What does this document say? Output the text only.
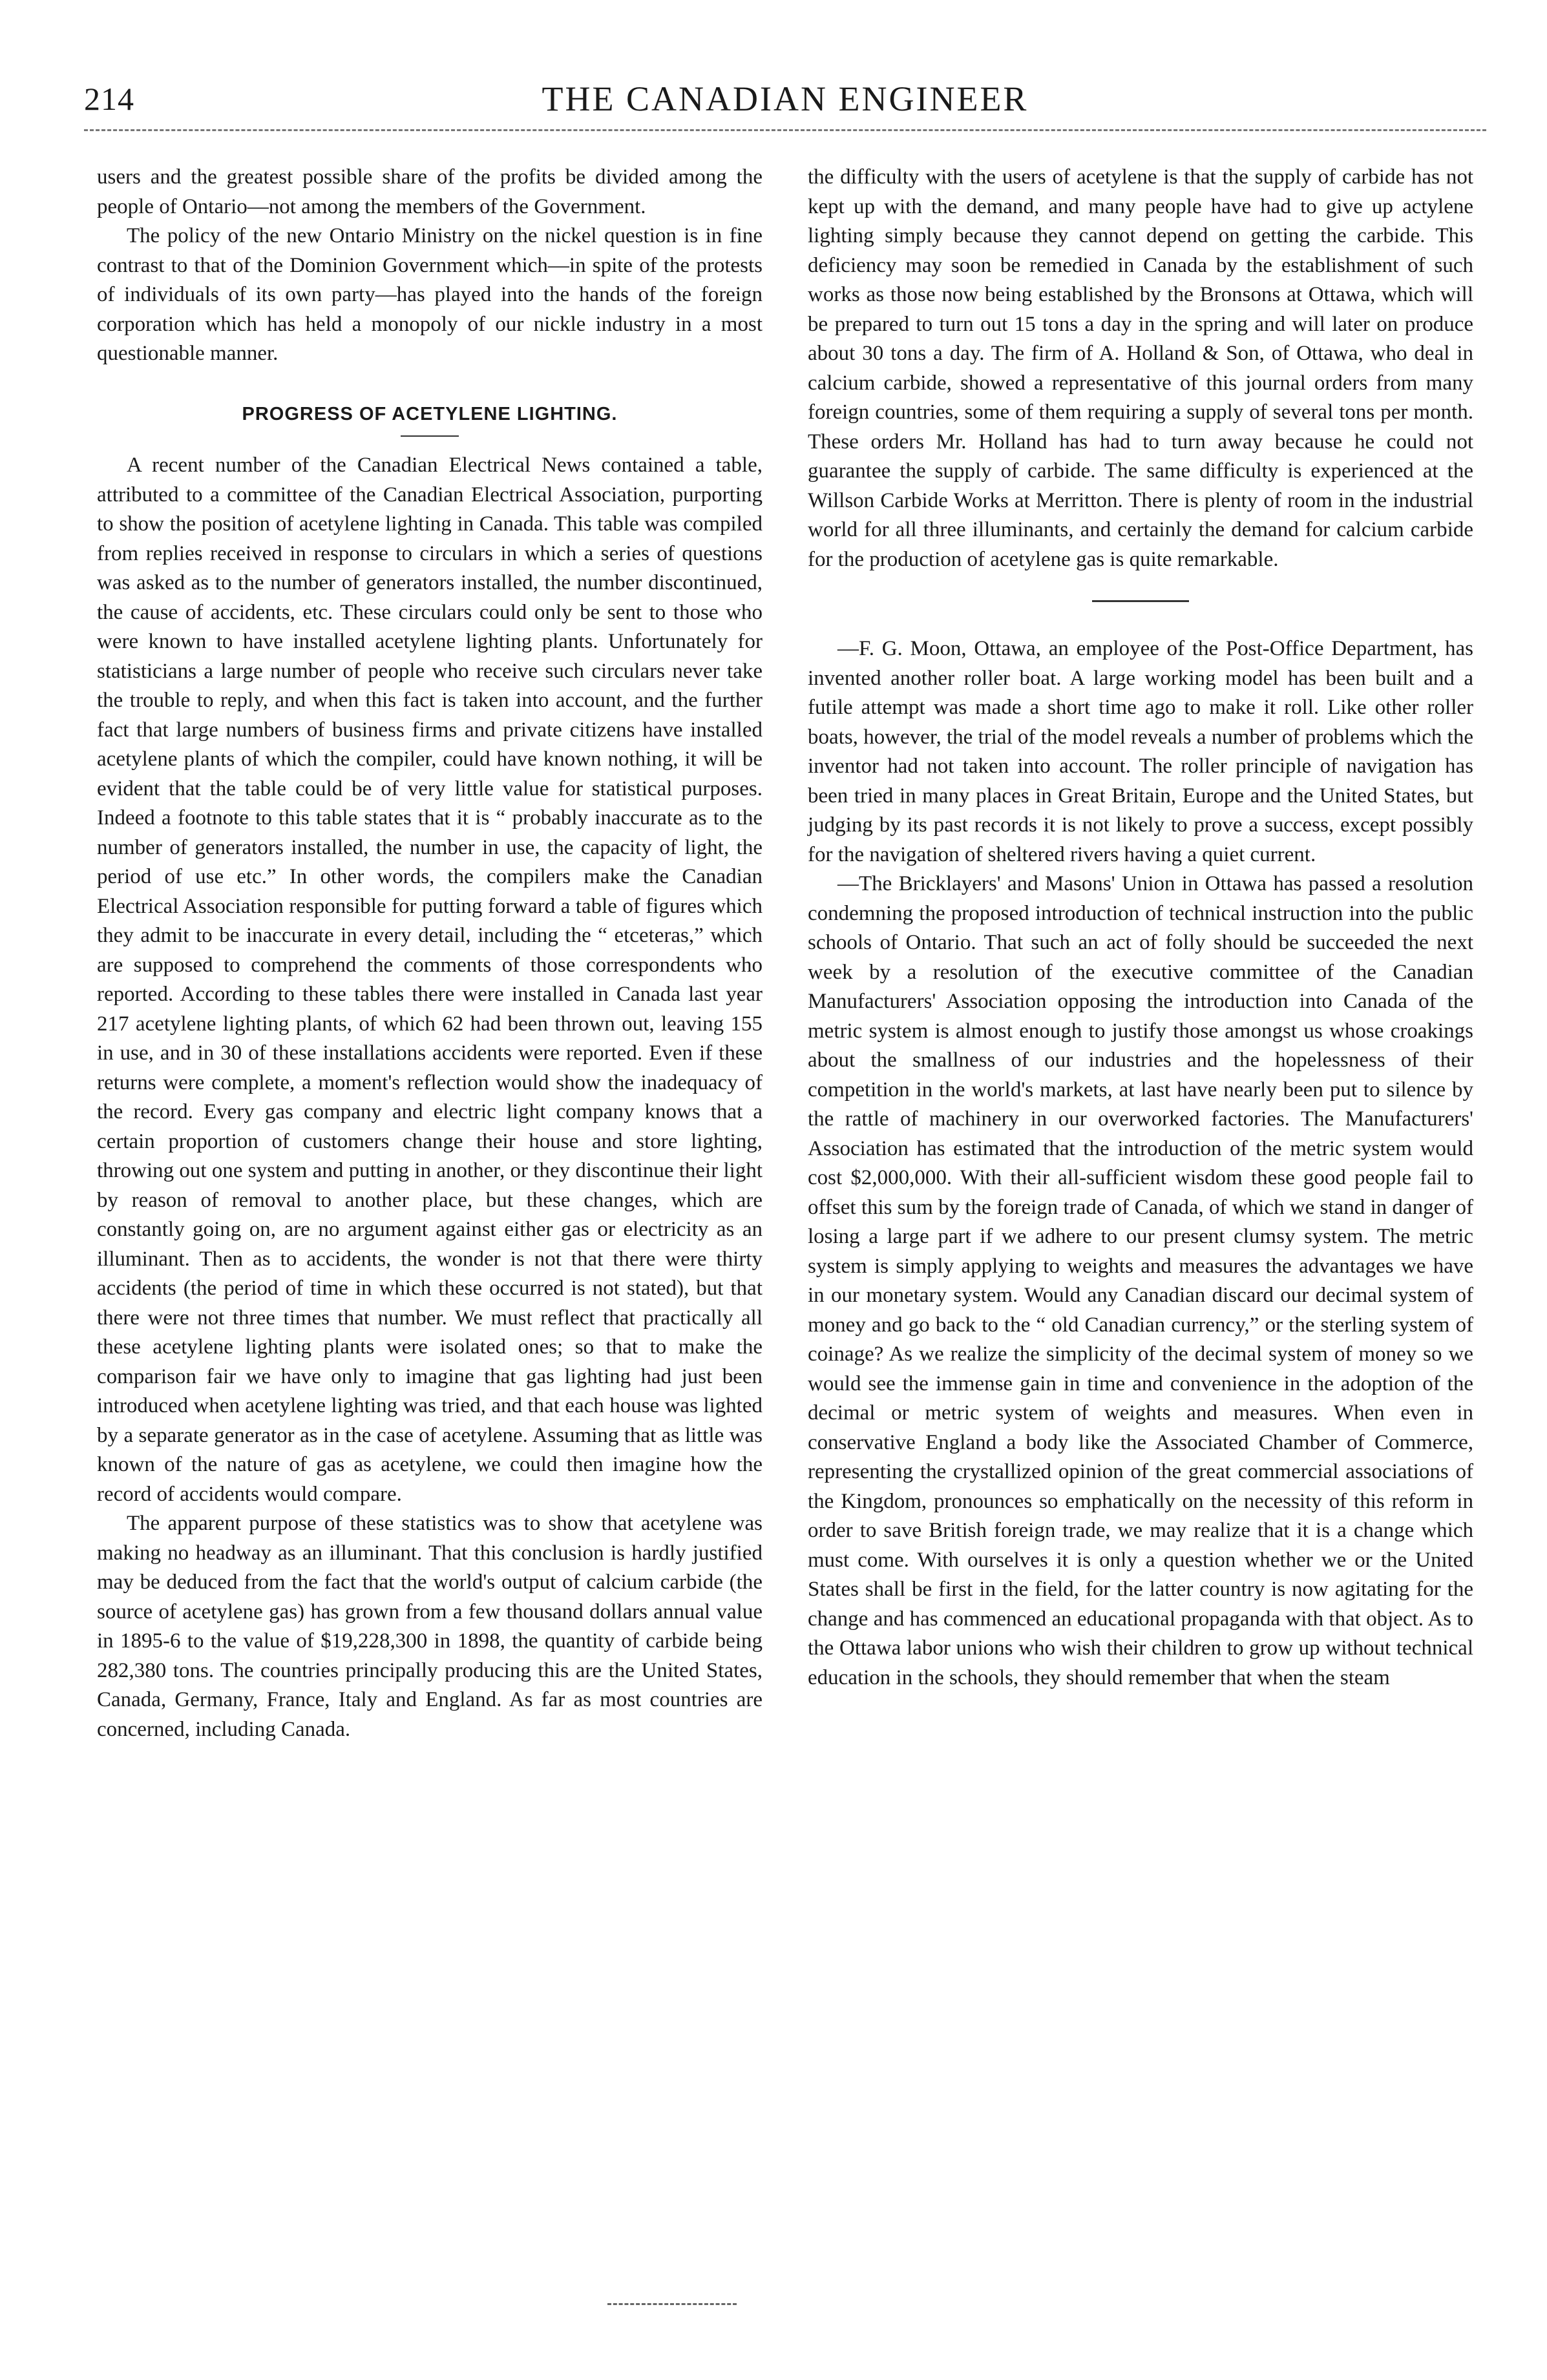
214	THE CANADIAN ENGINEER

users and the greatest possible share of the profits be divided among the people of Ontario—not among the members of the Government.

The policy of the new Ontario Ministry on the nickel question is in fine contrast to that of the Dominion Government which—in spite of the protests of individuals of its own party—has played into the hands of the foreign corporation which has held a monopoly of our nickle industry in a most questionable manner.

PROGRESS OF ACETYLENE LIGHTING.

A recent number of the Canadian Electrical News contained a table, attributed to a committee of the Canadian Electrical Association, purporting to show the position of acetylene lighting in Canada. This table was compiled from replies received in response to circulars in which a series of questions was asked as to the number of generators installed, the number discontinued, the cause of accidents, etc. These circulars could only be sent to those who were known to have installed acetylene lighting plants. Unfortunately for statisticians a large number of people who receive such circulars never take the trouble to reply, and when this fact is taken into account, and the further fact that large numbers of business firms and private citizens have installed acetylene plants of which the compiler, could have known nothing, it will be evident that the table could be of very little value for statistical purposes. Indeed a footnote to this table states that it is “ probably inaccurate as to the number of generators installed, the number in use, the capacity of light, the period of use etc.” In other words, the compilers make the Canadian Electrical Association responsible for putting forward a table of figures which they admit to be inaccurate in every detail, including the “ etceteras,” which are supposed to comprehend the comments of those correspondents who reported. According to these tables there were installed in Canada last year 217 acetylene lighting plants, of which 62 had been thrown out, leaving 155 in use, and in 30 of these installations accidents were reported. Even if these returns were complete, a moment's reflection would show the inadequacy of the record. Every gas company and electric light company knows that a certain proportion of customers change their house and store lighting, throwing out one system and putting in another, or they discontinue their light by reason of removal to another place, but these changes, which are constantly going on, are no argument against either gas or electricity as an illuminant. Then as to accidents, the wonder is not that there were thirty accidents (the period of time in which these occurred is not stated), but that there were not three times that number. We must reflect that practically all these acetylene lighting plants were isolated ones; so that to make the comparison fair we have only to imagine that gas lighting had just been introduced when acetylene lighting was tried, and that each house was lighted by a separate generator as in the case of acetylene. Assuming that as little was known of the nature of gas as acetylene, we could then imagine how the record of accidents would compare.

The apparent purpose of these statistics was to show that acetylene was making no headway as an illuminant. That this conclusion is hardly justified may be deduced from the fact that the world's output of calcium carbide (the source of acetylene gas) has grown from a few thousand dollars annual value in 1895-6 to the value of $19,228,300 in 1898, the quantity of carbide being 282,380 tons. The countries principally producing this are the United States, Canada, Germany, France, Italy and England. As far as most countries are concerned, including Canada.

the difficulty with the users of acetylene is that the supply of carbide has not kept up with the demand, and many people have had to give up actylene lighting simply because they cannot depend on getting the carbide. This deficiency may soon be remedied in Canada by the establishment of such works as those now being established by the Bronsons at Ottawa, which will be prepared to turn out 15 tons a day in the spring and will later on produce about 30 tons a day. The firm of A. Holland & Son, of Ottawa, who deal in calcium carbide, showed a representative of this journal orders from many foreign countries, some of them requiring a supply of several tons per month. These orders Mr. Holland has had to turn away because he could not guarantee the supply of carbide. The same difficulty is experienced at the Willson Carbide Works at Merritton. There is plenty of room in the industrial world for all three illuminants, and certainly the demand for calcium carbide for the production of acetylene gas is quite remarkable.

—F. G. Moon, Ottawa, an employee of the Post-Office Department, has invented another roller boat. A large working model has been built and a futile attempt was made a short time ago to make it roll. Like other roller boats, however, the trial of the model reveals a number of problems which the inventor had not taken into account. The roller principle of navigation has been tried in many places in Great Britain, Europe and the United States, but judging by its past records it is not likely to prove a success, except possibly for the navigation of sheltered rivers having a quiet current.

—The Bricklayers' and Masons' Union in Ottawa has passed a resolution condemning the proposed introduction of technical instruction into the public schools of Ontario. That such an act of folly should be succeeded the next week by a resolution of the executive committee of the Canadian Manufacturers' Association opposing the introduction into Canada of the metric system is almost enough to justify those amongst us whose croakings about the smallness of our industries and the hopelessness of their competition in the world's markets, at last have nearly been put to silence by the rattle of machinery in our overworked factories. The Manufacturers' Association has estimated that the introduction of the metric system would cost $2,000,000. With their all-sufficient wisdom these good people fail to offset this sum by the foreign trade of Canada, of which we stand in danger of losing a large part if we adhere to our present clumsy system. The metric system is simply applying to weights and measures the advantages we have in our monetary system. Would any Canadian discard our decimal system of money and go back to the “ old Canadian currency,” or the sterling system of coinage? As we realize the simplicity of the decimal system of money so we would see the immense gain in time and convenience in the adoption of the decimal or metric system of weights and measures. When even in conservative England a body like the Associated Chamber of Commerce, representing the crystallized opinion of the great commercial associations of the Kingdom, pronounces so emphatically on the necessity of this reform in order to save British foreign trade, we may realize that it is a change which must come. With ourselves it is only a question whether we or the United States shall be first in the field, for the latter country is now agitating for the change and has commenced an educational propaganda with that object. As to the Ottawa labor unions who wish their children to grow up without technical education in the schools, they should remember that when the steam
